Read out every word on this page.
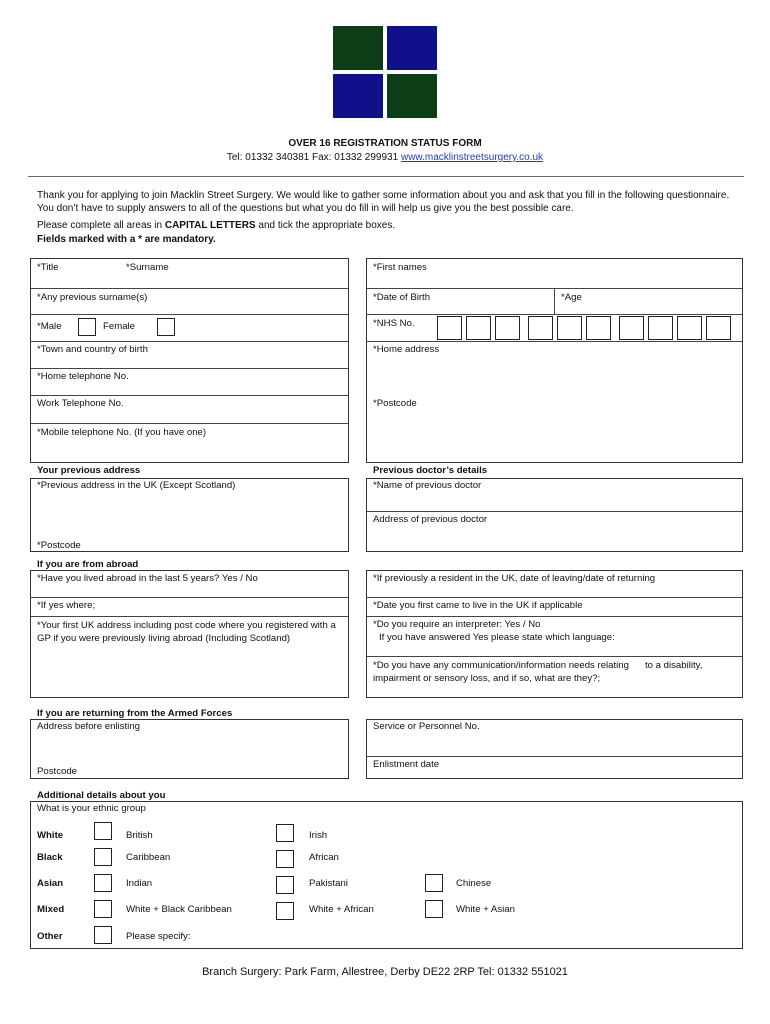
OVER 16 REGISTRATION STATUS FORM
Tel: 01332 340381 Fax: 01332 299931 www.macklinstreetsurgery.co.uk
Thank you for applying to join Macklin Street Surgery. We would like to gather some information about you and ask that you fill in the following questionnaire. You don’t have to supply answers to all of the questions but what you do fill in will help us give you the best possible care.
Please complete all areas in CAPITAL LETTERS and tick the appropriate boxes.
Fields marked with a * are mandatory.
*Title	*Surname
*Any previous surname(s)
*Male	Female
*Town and country of birth
*Home telephone No.
Work Telephone No.
*Mobile telephone No. (If you have one)
*First names
*Date of Birth	*Age
*NHS No.
*Home address
*Postcode
Your previous address	Previous doctor’s details
*Previous address in the UK (Except Scotland)
*Postcode
*Name of previous doctor
Address of previous doctor
If you are from abroad
*Have you lived abroad in the last 5 years? Yes / No
*If yes where;
*Your first UK address including post code where you registered with a GP if you were previously living abroad (Including Scotland)
*If previously a resident in the UK, date of leaving/date of returning
*Date you first came to live in the UK if applicable
*Do you require an interpreter: Yes / No
If you have answered Yes please state which language:
*Do you have any communication/information needs relating      to a disability, impairment or sensory loss, and if so, what are they?;
If you are returning from the Armed Forces
Address before enlisting
Postcode
Service or Personnel No.
Enlistment date
Additional details about you
What is your ethnic group
White	British	Irish
Black	Caribbean	African
Asian	Indian	Pakistani	Chinese
Mixed	White + Black Caribbean	White + African	White + Asian
Other	Please specify:
Branch Surgery: Park Farm, Allestree, Derby DE22 2RP Tel: 01332 551021
